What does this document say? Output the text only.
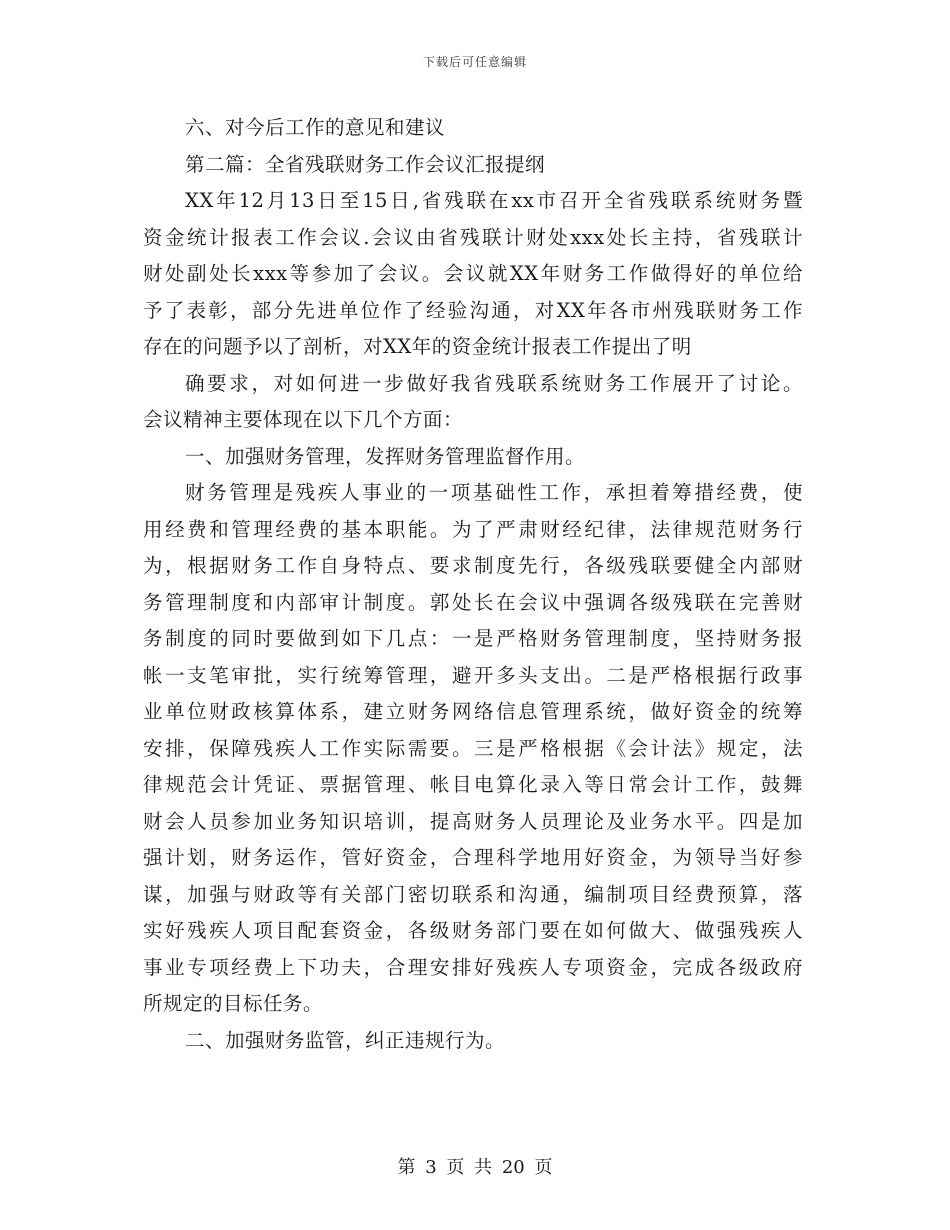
下载后可任意编辑
六、对今后工作的意见和建议
第二篇：全省残联财务工作会议汇报提纲
XX年12月13日至15日,省残联在xx市召开全省残联系统财务暨
资金统计报表工作会议.会议由省残联计财处xxx处长主持，省残联计
财处副处长xxx等参加了会议。会议就XX年财务工作做得好的单位给
予了表彰，部分先进单位作了经验沟通，对XX年各市州残联财务工作
存在的问题予以了剖析，对XX年的资金统计报表工作提出了明
确要求，对如何进一步做好我省残联系统财务工作展开了讨论。
会议精神主要体现在以下几个方面：
一、加强财务管理，发挥财务管理监督作用。
财务管理是残疾人事业的一项基础性工作，承担着筹措经费，使
用经费和管理经费的基本职能。为了严肃财经纪律，法律规范财务行
为，根据财务工作自身特点、要求制度先行，各级残联要健全内部财
务管理制度和内部审计制度。郭处长在会议中强调各级残联在完善财
务制度的同时要做到如下几点：一是严格财务管理制度，坚持财务报
帐一支笔审批，实行统筹管理，避开多头支出。二是严格根据行政事
业单位财政核算体系，建立财务网络信息管理系统，做好资金的统筹
安排，保障残疾人工作实际需要。三是严格根据《会计法》规定，法
律规范会计凭证、票据管理、帐目电算化录入等日常会计工作，鼓舞
财会人员参加业务知识培训，提高财务人员理论及业务水平。四是加
强计划，财务运作，管好资金，合理科学地用好资金，为领导当好参
谋，加强与财政等有关部门密切联系和沟通，编制项目经费预算，落
实好残疾人项目配套资金，各级财务部门要在如何做大、做强残疾人
事业专项经费上下功夫，合理安排好残疾人专项资金，完成各级政府
所规定的目标任务。
二、加强财务监管，纠正违规行为。
第 3 页 共 20 页
